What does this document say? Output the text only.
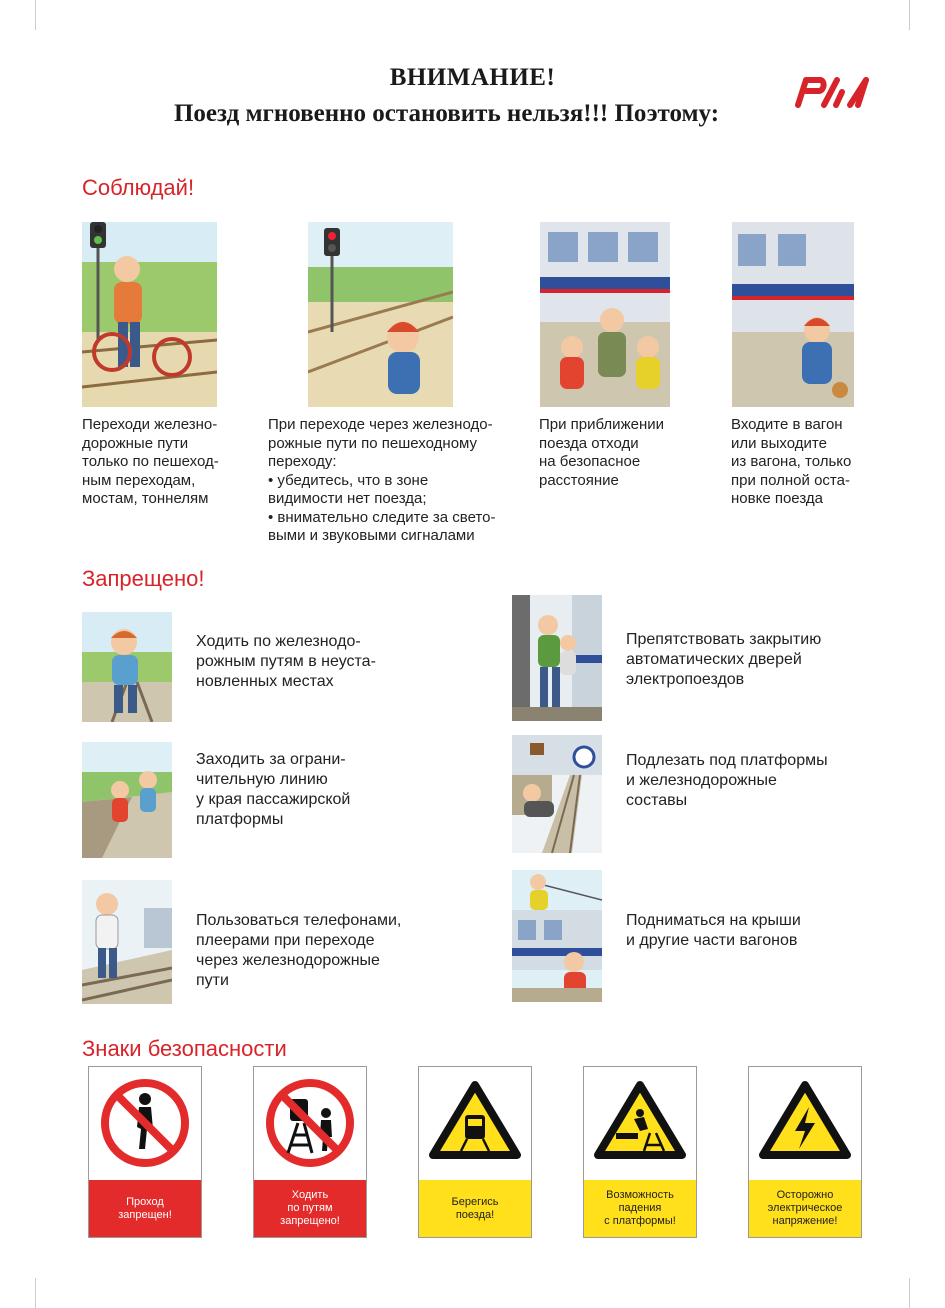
ВНИМАНИЕ!
Поезд мгновенно остановить нельзя!!! Поэтому:
Соблюдай!
Переходи железно-
дорожные пути
только по пешеход-
ным переходам,
мостам, тоннелям
При переходе через железнодо-
рожные пути по пешеходному
переходу:
• убедитесь, что в зоне
видимости нет поезда;
• внимательно следите за свето-
выми и звуковыми сигналами
При приближении
поезда отходи
на безопасное
расстояние
Входите в вагон
или выходите
из вагона, только
при полной оста-
новке поезда
Запрещено!
Ходить по железнодо-
рожным путям в неуста-
новленных местах
Заходить за ограни-
чительную линию
у края пассажирской
платформы
Пользоваться телефонами,
плеерами при переходе
через железнодорожные
пути
Препятствовать закрытию
автоматических дверей
электропоездов
Подлезать под платформы
и железнодорожные
составы
Подниматься на крыши
и другие части вагонов
Знаки безопасности
Проход
запрещен!
Ходить
по путям
запрещено!
Берегись
поезда!
Возможность
падения
с платформы!
Осторожно
электрическое
напряжение!
